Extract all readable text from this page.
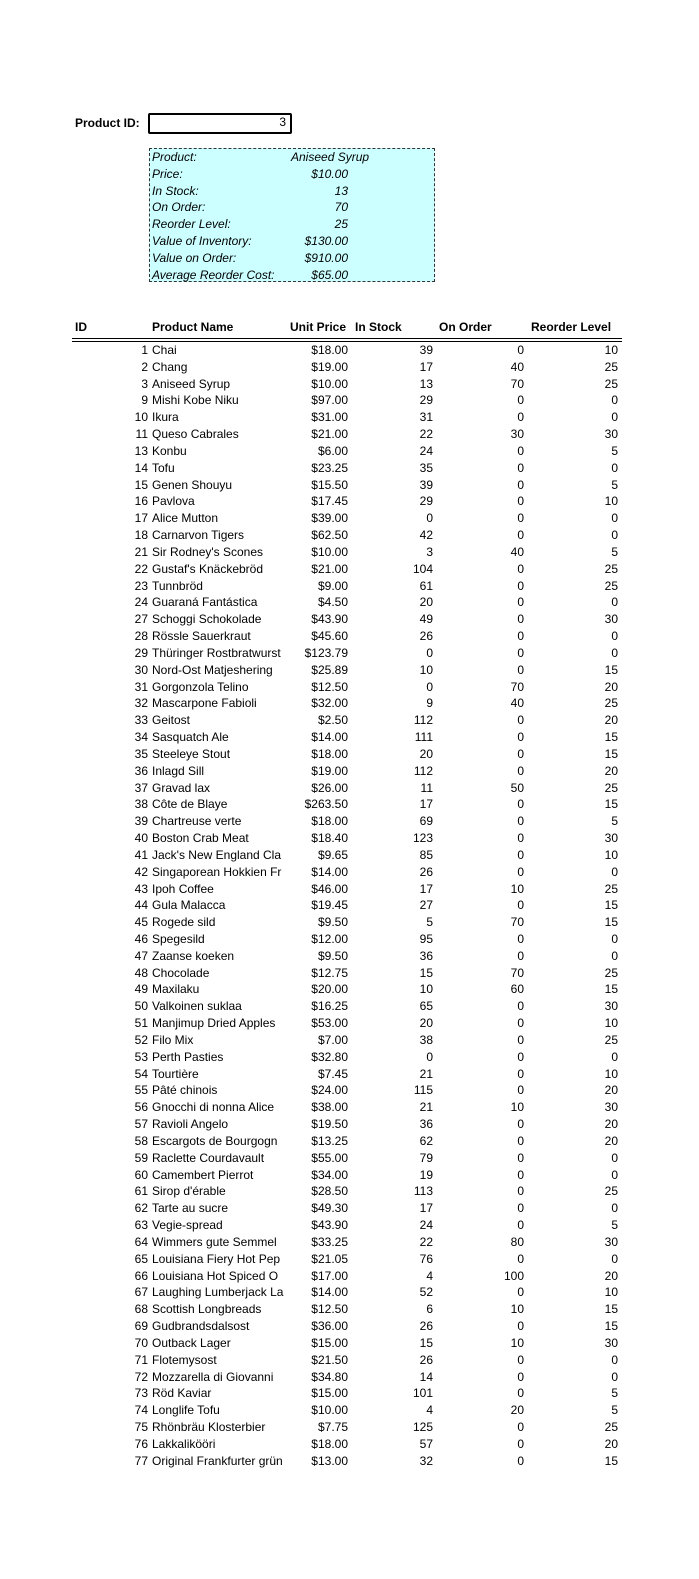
Product ID:	3
Product:	Aniseed Syrup
Price:	$10.00
In Stock:	13
On Order:	70
Reorder Level:	25
Value of Inventory:	$130.00
Value on Order:	$910.00
Average Reorder Cost:	$65.00
ID	Product Name	Unit Price In Stock	On Order	Reorder Level
1 Chai	$18.00	39	0	10
2 Chang	$19.00	17	40	25
3 Aniseed Syrup	$10.00	13	70	25
9 Mishi Kobe Niku	$97.00	29	0	0
10 Ikura	$31.00	31	0	0
11 Queso Cabrales	$21.00	22	30	30
13 Konbu	$6.00	24	0	5
14 Tofu	$23.25	35	0	0
15 Genen Shouyu	$15.50	39	0	5
16 Pavlova	$17.45	29	0	10
17 Alice Mutton	$39.00	0	0	0
18 Carnarvon Tigers	$62.50	42	0	0
21 Sir Rodney's Scones	$10.00	3	40	5
22 Gustaf's Knäckebröd	$21.00	104	0	25
23 Tunnbröd	$9.00	61	0	25
24 Guaraná Fantástica	$4.50	20	0	0
27 Schoggi Schokolade	$43.90	49	0	30
28 Rössle Sauerkraut	$45.60	26	0	0
29 Thüringer Rostbratwurst	$123.79	0	0	0
30 Nord-Ost Matjeshering	$25.89	10	0	15
31 Gorgonzola Telino	$12.50	0	70	20
32 Mascarpone Fabioli	$32.00	9	40	25
33 Geitost	$2.50	112	0	20
34 Sasquatch Ale	$14.00	111	0	15
35 Steeleye Stout	$18.00	20	0	15
36 Inlagd Sill	$19.00	112	0	20
37 Gravad lax	$26.00	11	50	25
38 Côte de Blaye	$263.50	17	0	15
39 Chartreuse verte	$18.00	69	0	5
40 Boston Crab Meat	$18.40	123	0	30
41 Jack's New England Cla	$9.65	85	0	10
42 Singaporean Hokkien Fr	$14.00	26	0	0
43 Ipoh Coffee	$46.00	17	10	25
44 Gula Malacca	$19.45	27	0	15
45 Rogede sild	$9.50	5	70	15
46 Spegesild	$12.00	95	0	0
47 Zaanse koeken	$9.50	36	0	0
48 Chocolade	$12.75	15	70	25
49 Maxilaku	$20.00	10	60	15
50 Valkoinen suklaa	$16.25	65	0	30
51 Manjimup Dried Apples	$53.00	20	0	10
52 Filo Mix	$7.00	38	0	25
53 Perth Pasties	$32.80	0	0	0
54 Tourtière	$7.45	21	0	10
55 Pâté chinois	$24.00	115	0	20
56 Gnocchi di nonna Alice	$38.00	21	10	30
57 Ravioli Angelo	$19.50	36	0	20
58 Escargots de Bourgogn	$13.25	62	0	20
59 Raclette Courdavault	$55.00	79	0	0
60 Camembert Pierrot	$34.00	19	0	0
61 Sirop d'érable	$28.50	113	0	25
62 Tarte au sucre	$49.30	17	0	0
63 Vegie-spread	$43.90	24	0	5
64 Wimmers gute Semmel	$33.25	22	80	30
65 Louisiana Fiery Hot Pep	$21.05	76	0	0
66 Louisiana Hot Spiced O	$17.00	4	100	20
67 Laughing Lumberjack La	$14.00	52	0	10
68 Scottish Longbreads	$12.50	6	10	15
69 Gudbrandsdalsost	$36.00	26	0	15
70 Outback Lager	$15.00	15	10	30
71 Flotemysost	$21.50	26	0	0
72 Mozzarella di Giovanni	$34.80	14	0	0
73 Röd Kaviar	$15.00	101	0	5
74 Longlife Tofu	$10.00	4	20	5
75 Rhönbräu Klosterbier	$7.75	125	0	25
76 Lakkalikööri	$18.00	57	0	20
77 Original Frankfurter grün	$13.00	32	0	15
